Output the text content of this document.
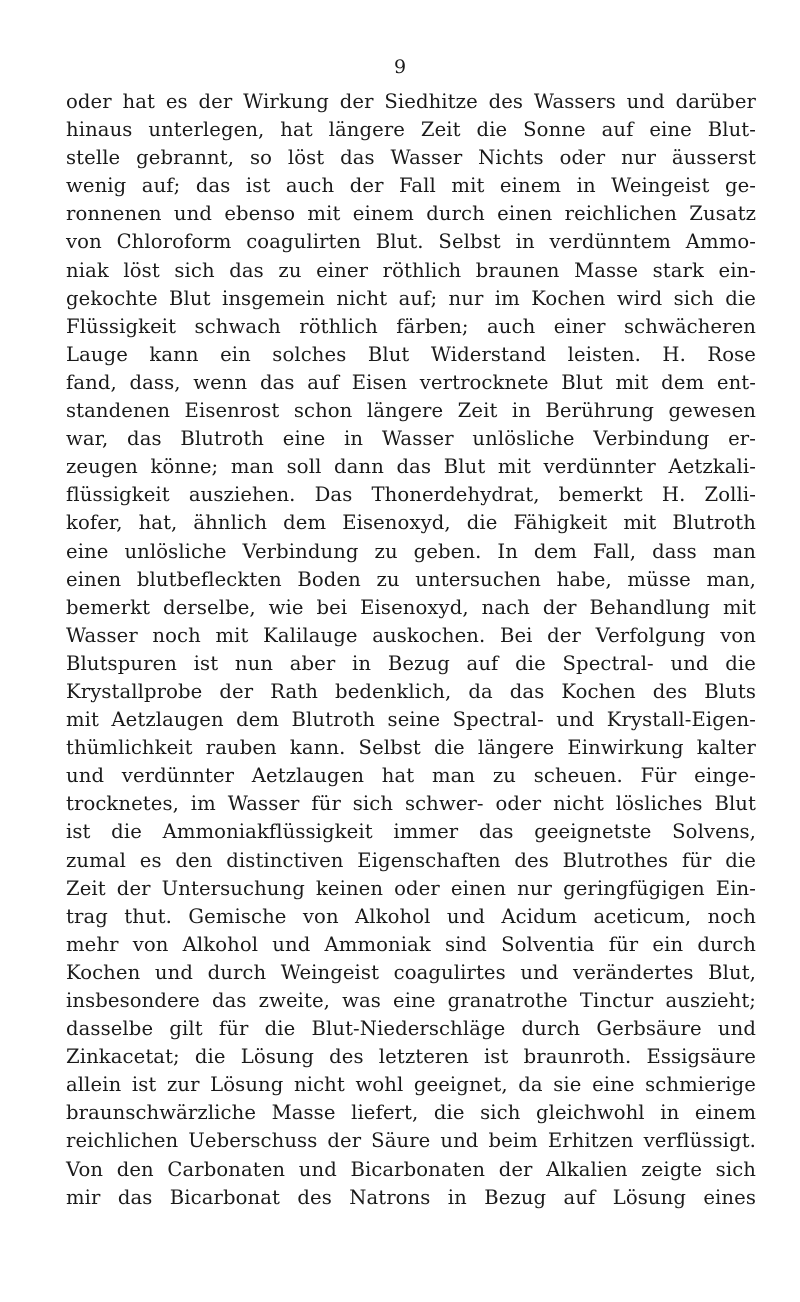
9
oder hat es der Wirkung der Siedhitze des Wassers und darüber
hinaus unterlegen, hat längere Zeit die Sonne auf eine Blut-
stelle gebrannt, so löst das Wasser Nichts oder nur äusserst
wenig auf; das ist auch der Fall mit einem in Weingeist ge-
ronnenen und ebenso mit einem durch einen reichlichen Zusatz
von Chloroform coagulirten Blut. Selbst in verdünntem Ammo-
niak löst sich das zu einer röthlich braunen Masse stark ein-
gekochte Blut insgemein nicht auf; nur im Kochen wird sich die
Flüssigkeit schwach röthlich färben; auch einer schwächeren
Lauge kann ein solches Blut Widerstand leisten. H. Rose
fand, dass, wenn das auf Eisen vertrocknete Blut mit dem ent-
standenen Eisenrost schon längere Zeit in Berührung gewesen
war, das Blutroth eine in Wasser unlösliche Verbindung er-
zeugen könne; man soll dann das Blut mit verdünnter Aetzkali-
flüssigkeit ausziehen. Das Thonerdehydrat, bemerkt H. Zolli-
kofer, hat, ähnlich dem Eisenoxyd, die Fähigkeit mit Blutroth
eine unlösliche Verbindung zu geben. In dem Fall, dass man
einen blutbefleckten Boden zu untersuchen habe, müsse man,
bemerkt derselbe, wie bei Eisenoxyd, nach der Behandlung mit
Wasser noch mit Kalilauge auskochen. Bei der Verfolgung von
Blutspuren ist nun aber in Bezug auf die Spectral- und die
Krystallprobe der Rath bedenklich, da das Kochen des Bluts
mit Aetzlaugen dem Blutroth seine Spectral- und Krystall-Eigen-
thümlichkeit rauben kann. Selbst die längere Einwirkung kalter
und verdünnter Aetzlaugen hat man zu scheuen. Für einge-
trocknetes, im Wasser für sich schwer- oder nicht lösliches Blut
ist die Ammoniakflüssigkeit immer das geeignetste Solvens,
zumal es den distinctiven Eigenschaften des Blutrothes für die
Zeit der Untersuchung keinen oder einen nur geringfügigen Ein-
trag thut. Gemische von Alkohol und Acidum aceticum, noch
mehr von Alkohol und Ammoniak sind Solventia für ein durch
Kochen und durch Weingeist coagulirtes und verändertes Blut,
insbesondere das zweite, was eine granatrothe Tinctur auszieht;
dasselbe gilt für die Blut-Niederschläge durch Gerbsäure und
Zinkacetat; die Lösung des letzteren ist braunroth. Essigsäure
allein ist zur Lösung nicht wohl geeignet, da sie eine schmierige
braunschwärzliche Masse liefert, die sich gleichwohl in einem
reichlichen Ueberschuss der Säure und beim Erhitzen verflüssigt.
Von den Carbonaten und Bicarbonaten der Alkalien zeigte sich
mir das Bicarbonat des Natrons in Bezug auf Lösung eines
